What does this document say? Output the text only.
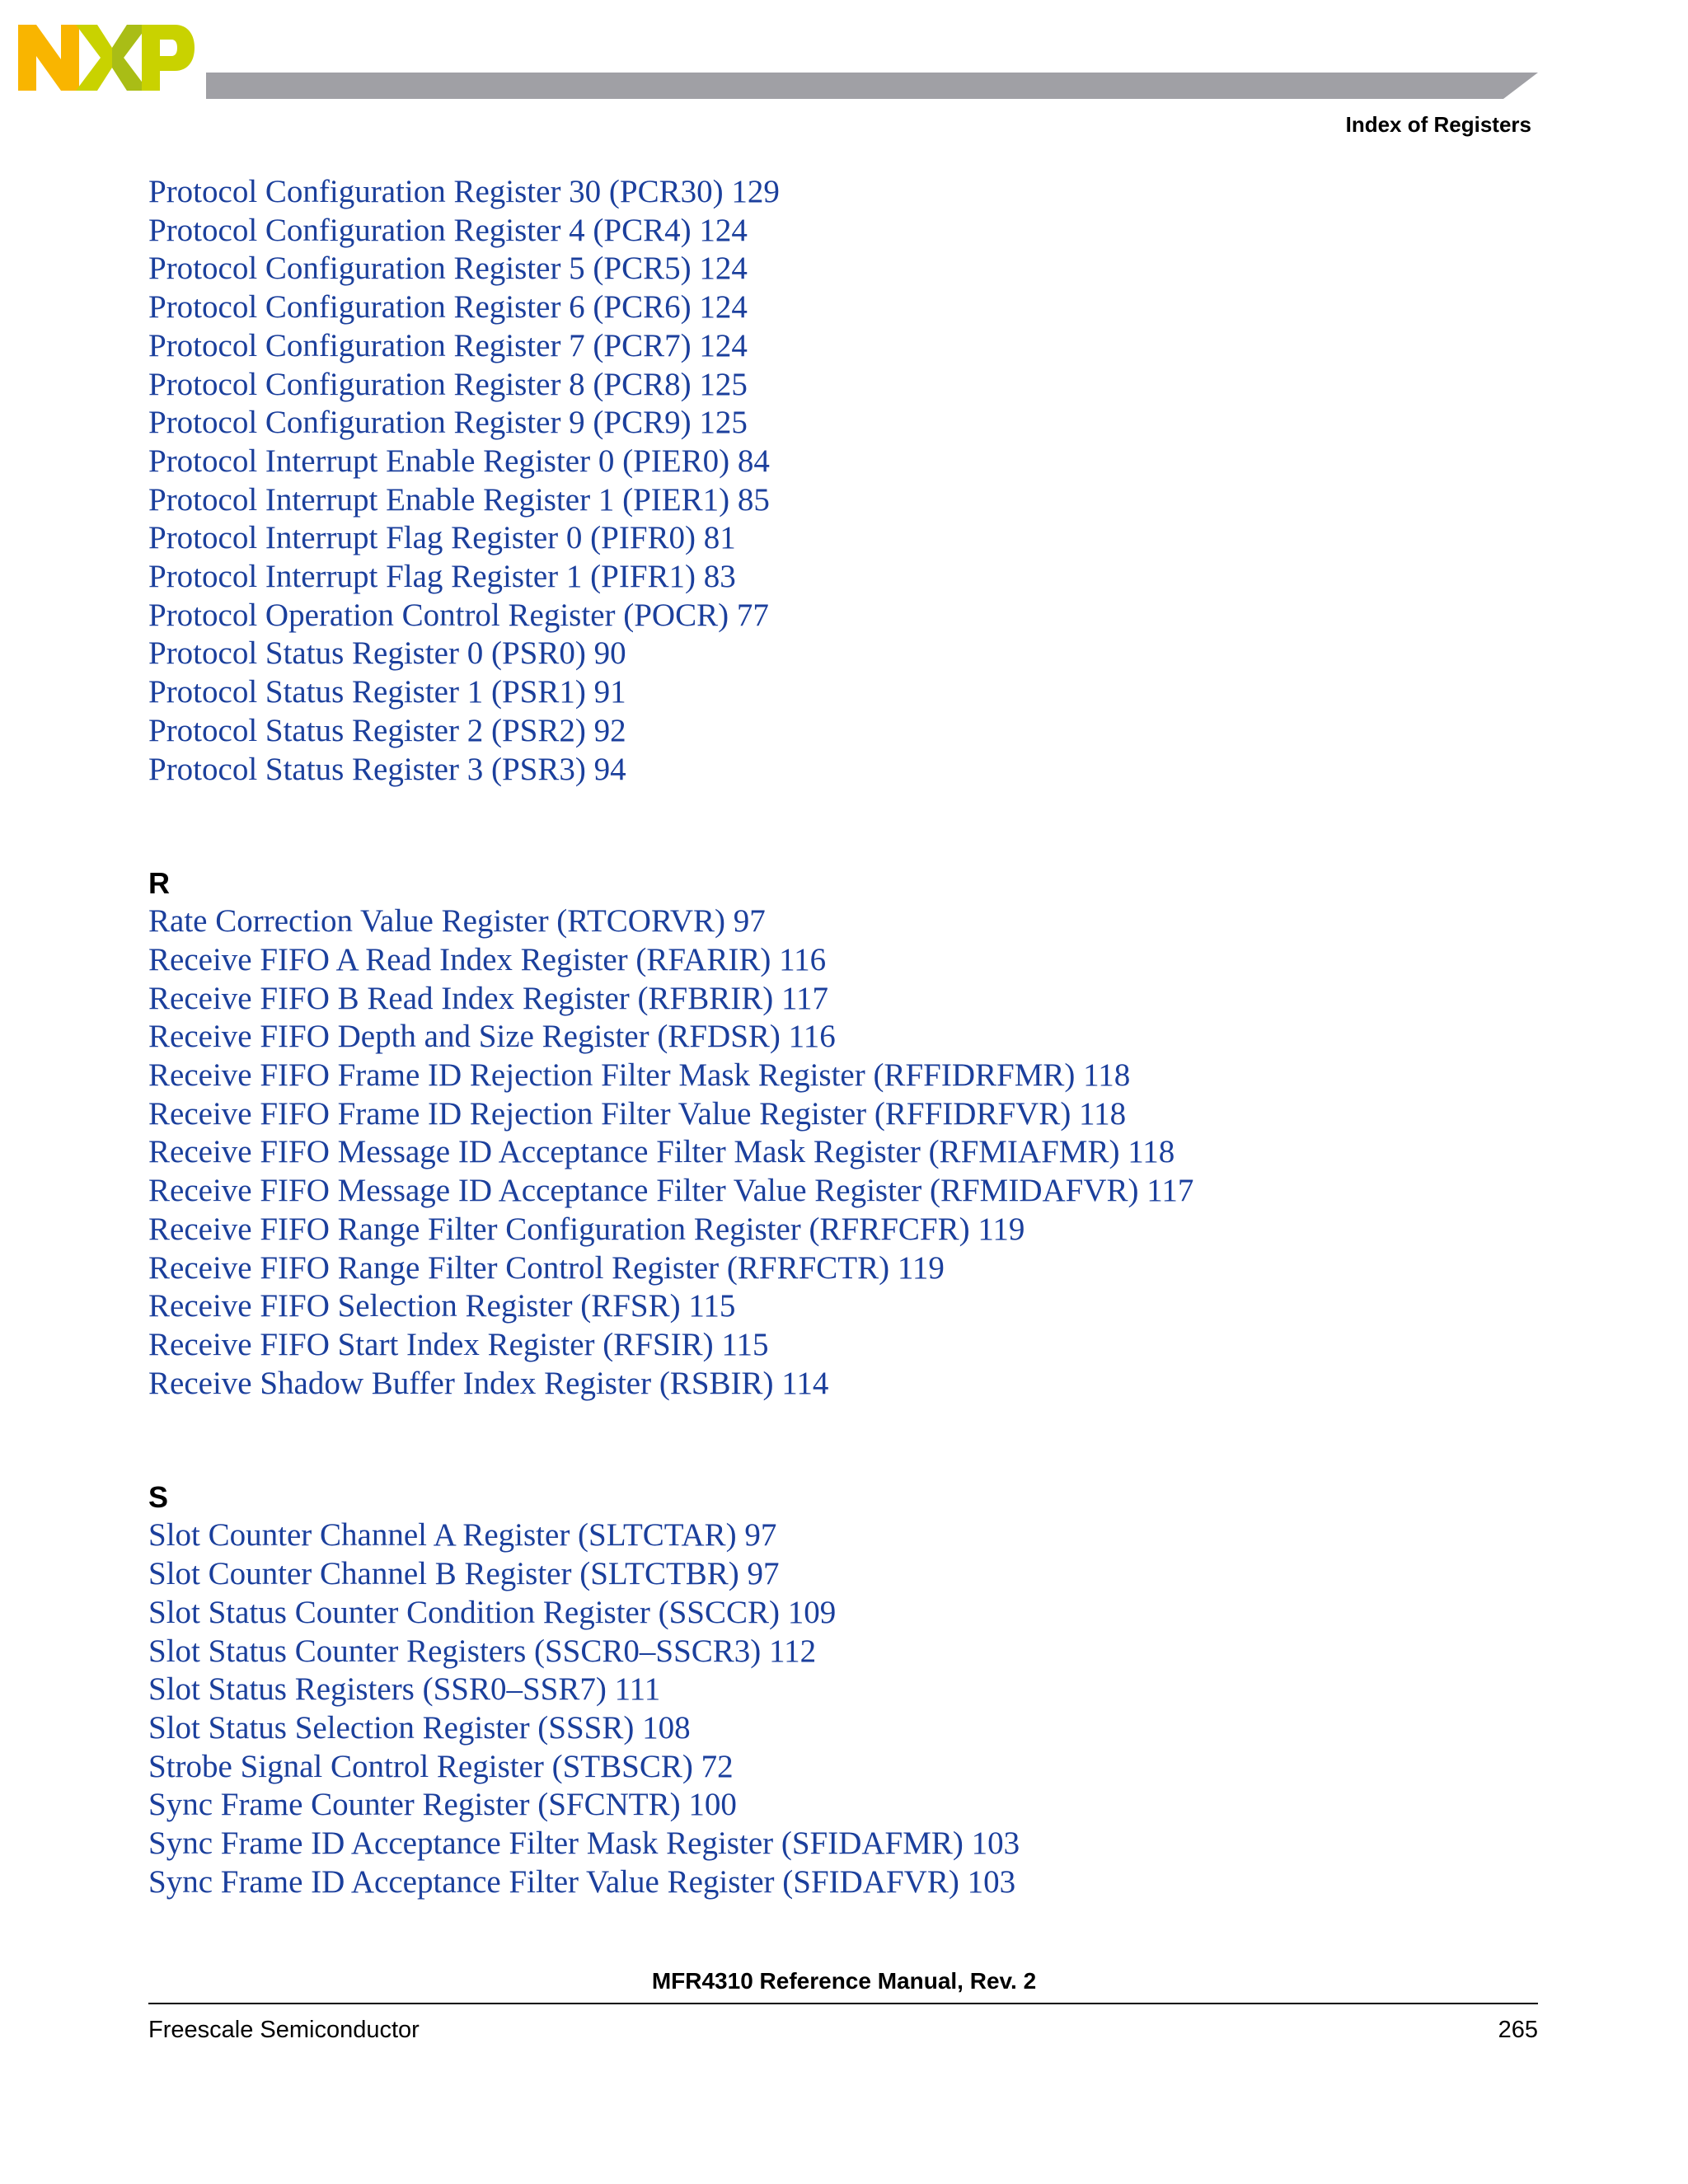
NXP
Index of Registers
Protocol Configuration Register 30 (PCR30) 129
Protocol Configuration Register 4 (PCR4) 124
Protocol Configuration Register 5 (PCR5) 124
Protocol Configuration Register 6 (PCR6) 124
Protocol Configuration Register 7 (PCR7) 124
Protocol Configuration Register 8 (PCR8) 125
Protocol Configuration Register 9 (PCR9) 125
Protocol Interrupt Enable Register 0 (PIER0) 84
Protocol Interrupt Enable Register 1 (PIER1) 85
Protocol Interrupt Flag Register 0 (PIFR0) 81
Protocol Interrupt Flag Register 1 (PIFR1) 83
Protocol Operation Control Register (POCR) 77
Protocol Status Register 0 (PSR0) 90
Protocol Status Register 1 (PSR1) 91
Protocol Status Register 2 (PSR2) 92
Protocol Status Register 3 (PSR3) 94
R
Rate Correction Value Register (RTCORVR) 97
Receive FIFO A Read Index Register (RFARIR) 116
Receive FIFO B Read Index Register (RFBRIR) 117
Receive FIFO Depth and Size Register (RFDSR) 116
Receive FIFO Frame ID Rejection Filter Mask Register (RFFIDRFMR) 118
Receive FIFO Frame ID Rejection Filter Value Register (RFFIDRFVR) 118
Receive FIFO Message ID Acceptance Filter Mask Register (RFMIAFMR) 118
Receive FIFO Message ID Acceptance Filter Value Register (RFMIDAFVR) 117
Receive FIFO Range Filter Configuration Register (RFRFCFR) 119
Receive FIFO Range Filter Control Register (RFRFCTR) 119
Receive FIFO Selection Register (RFSR) 115
Receive FIFO Start Index Register (RFSIR) 115
Receive Shadow Buffer Index Register (RSBIR) 114
S
Slot Counter Channel A Register (SLTCTAR) 97
Slot Counter Channel B Register (SLTCTBR) 97
Slot Status Counter Condition Register (SSCCR) 109
Slot Status Counter Registers (SSCR0–SSCR3) 112
Slot Status Registers (SSR0–SSR7) 111
Slot Status Selection Register (SSSR) 108
Strobe Signal Control Register (STBSCR) 72
Sync Frame Counter Register (SFCNTR) 100
Sync Frame ID Acceptance Filter Mask Register (SFIDAFMR) 103
Sync Frame ID Acceptance Filter Value Register (SFIDAFVR) 103
MFR4310 Reference Manual, Rev. 2
Freescale Semiconductor	265
